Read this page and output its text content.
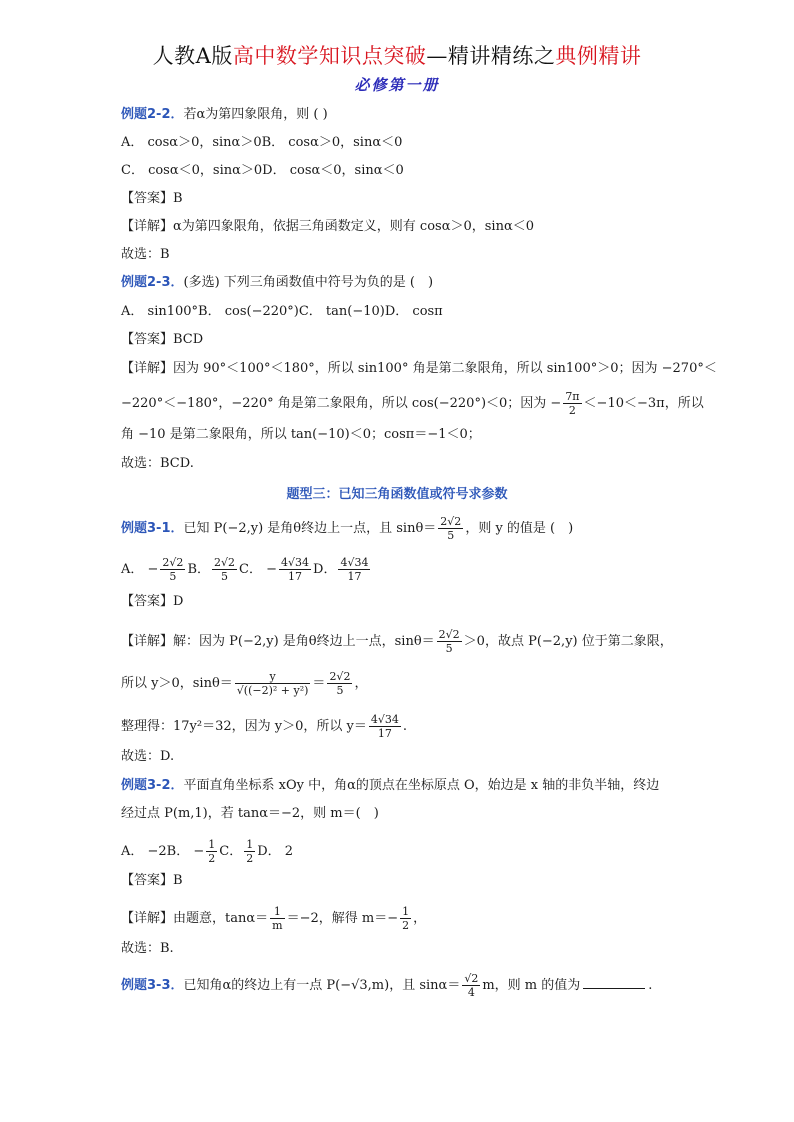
人教A版高中数学知识点突破—精讲精练之典例精讲
必修第一册
例题2-2．若α为第四象限角，则 ( )
A． cosα＞0，sinα＞0B． cosα＞0，sinα＜0
C． cosα＜0，sinα＞0D． cosα＜0，sinα＜0
【答案】B
【详解】α为第四象限角，依据三角函数定义，则有 cosα＞0，sinα＜0
故选：B
例题2-3．(多选) 下列三角函数值中符号为负的是 (　)
A． sin100°B． cos(−220°)C． tan(−10)D． cosπ
【答案】BCD
【详解】因为 90°＜100°＜180°，所以 sin100° 角是第二象限角，所以 sin100°＞0；因为 −270°＜
−220°＜−180°，−220° 角是第二象限角，所以 cos(−220°)＜0；因为 − $\frac{7\pi}{2} <-10<-3\pi$，所以
角 −10 是第二象限角，所以 tan(−10)＜0；cosπ＝−1＜0；
故选：BCD.
题型三：已知三角函数值或符号求参数
例题3-1．已知 P(−2,y) 是角θ终边上一点，且 $\sin\theta= \frac{2√2}{5}$ ，则 y 的值是 (　)
A． − $\frac{2√2}{5}$ B． $\frac{2√2}{5}$ C． − $\frac{4√34}{17}$ D． $\frac{4√34}{17}$
【答案】D
【详解】解：因为 P(−2,y) 是角θ终边上一点，$\sin\theta= \frac{2√2}{5} >0$，故点 P(−2,y) 位于第二象限，
所以 y＞0，$\sin\theta= \frac{y}{\text{√((−2)² + y²)}} = \frac{2√2}{5}$ ，
整理得：17y²＝32，因为 y＞0，所以 $y= \frac{4√34}{17}$ .
故选：D.
例题3-2．平面直角坐标系 xOy 中，角α的顶点在坐标原点 O，始边是 x 轴的非负半轴，终边
经过点 P(m,1)，若 tanα＝−2，则 m＝(　)
A． −2B． − $\frac{1}{2}$ C． $\frac{1}{2}$ D． 2
【答案】B
【详解】由题意，$\tan\alpha= \frac{1}{m} =-2$，解得 $m=- \frac{1}{2}$ ，
故选：B.
例题3-3．已知角α的终边上有一点 P(−√3,m)，且 $\sin\alpha= \frac{√2}{4}$ m，则 m 的值为	.
